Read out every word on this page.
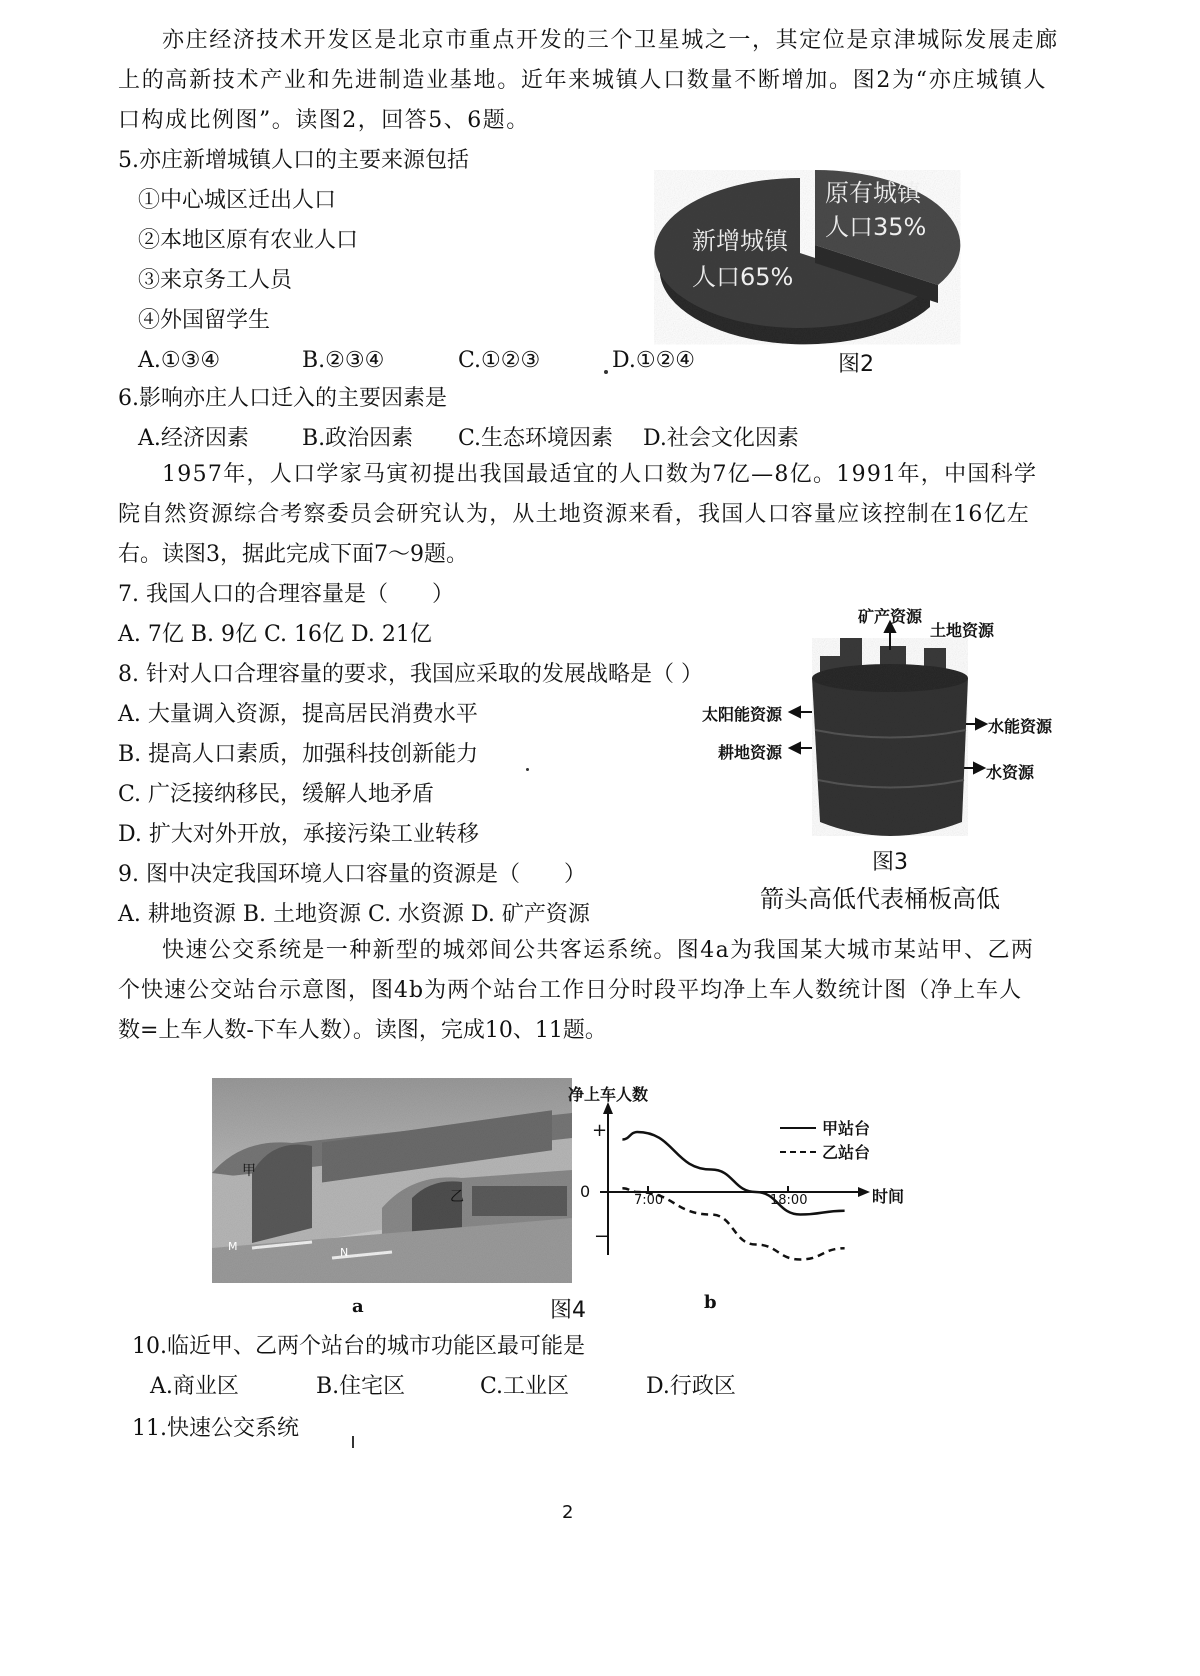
亦庄经济技术开发区是北京市重点开发的三个卫星城之一，其定位是京津城际发展走廊
上的高新技术产业和先进制造业基地。近年来城镇人口数量不断增加。图2为“亦庄城镇人
口构成比例图”。读图2，回答5、6题。
5.亦庄新增城镇人口的主要来源包括
①中心城区迁出人口
②本地区原有农业人口
③来京务工人员
④外国留学生
A.①③④	B.②③④	C.①②③	D.①②④
原有城镇
人口35%
新增城镇
人口65%
图2
6.影响亦庄人口迁入的主要因素是
A.经济因素 B.政治因素 C.生态环境因素 D.社会文化因素
1957年，人口学家马寅初提出我国最适宜的人口数为7亿—8亿。1991年，中国科学
院自然资源综合考察委员会研究认为，从土地资源来看，我国人口容量应该控制在16亿左
右。读图3，据此完成下面7～9题。
7. 我国人口的合理容量是（　　）
A. 7亿 B. 9亿 C. 16亿 D. 21亿
8. 针对人口合理容量的要求，我国应采取的发展战略是（ ）
A. 大量调入资源，提高居民消费水平
B. 提高人口素质，加强科技创新能力
C. 广泛接纳移民，缓解人地矛盾
D. 扩大对外开放，承接污染工业转移
9. 图中决定我国环境人口容量的资源是（　　）
A. 耕地资源 B. 土地资源 C. 水资源 D. 矿产资源
矿产资源
土地资源
太阳能资源
耕地资源
水能资源
水资源
图3
箭头高低代表桶板高低
快速公交系统是一种新型的城郊间公共客运系统。图4a为我国某大城市某站甲、乙两
个快速公交站台示意图，图4b为两个站台工作日分时段平均净上车人数统计图（净上车人
数=上车人数-下车人数）。读图，完成10、11题。
甲
乙
M	N
a
净上车人数
+
0
−
7:00	18:00	时间
甲站台
乙站台
b
图4
10.临近甲、乙两个站台的城市功能区最可能是
A.商业区	B.住宅区	C.工业区	D.行政区
11.快速公交系统
2
